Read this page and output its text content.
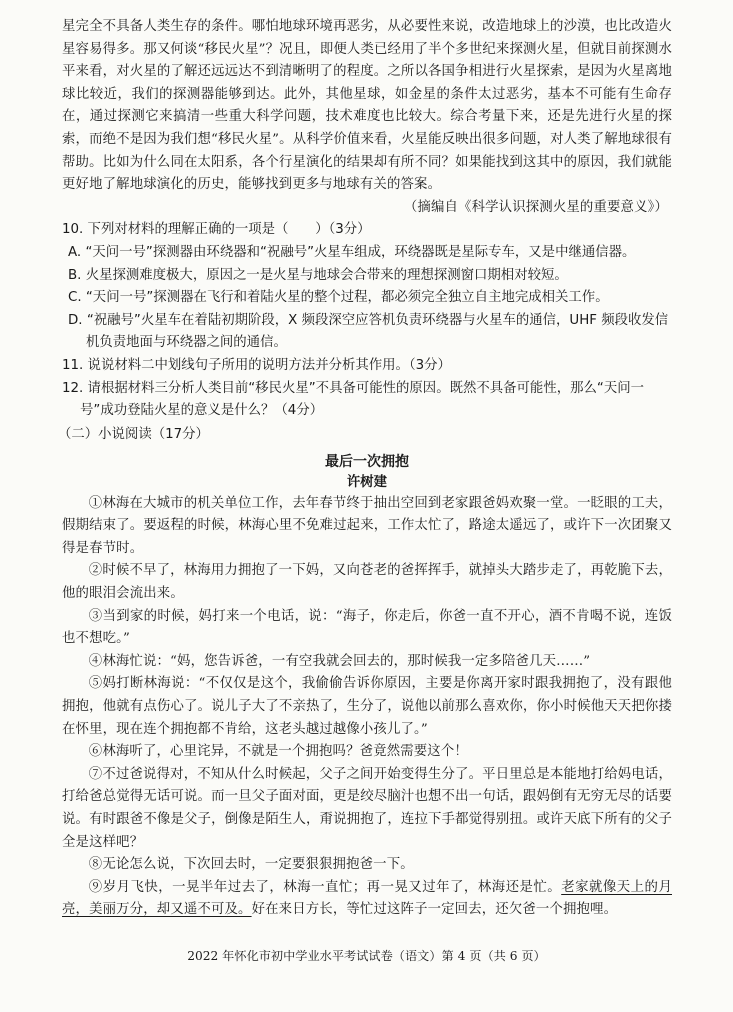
星完全不具备人类生存的条件。哪怕地球环境再恶劣，从必要性来说，改造地球上的沙漠，也比改造火星容易得多。那又何谈“移民火星”？况且，即便人类已经用了半个多世纪来探测火星，但就目前探测水平来看，对火星的了解还远远达不到清晰明了的程度。之所以各国争相进行火星探索，是因为火星离地球比较近，我们的探测器能够到达。此外，其他星球，如金星的条件太过恶劣，基本不可能有生命存在，通过探测它来搞清一些重大科学问题，技术难度也比较大。综合考量下来，还是先进行火星的探索，而绝不是因为我们想“移民火星”。从科学价值来看，火星能反映出很多问题，对人类了解地球很有帮助。比如为什么同在太阳系，各个行星演化的结果却有所不同？如果能找到这其中的原因，我们就能更好地了解地球演化的历史，能够找到更多与地球有关的答案。

（摘编自《科学认识探测火星的重要意义》）

10. 下列对材料的理解正确的一项是（　　）（3分）

A. “天问一号”探测器由环绕器和“祝融号”火星车组成，环绕器既是星际专车，又是中继通信器。

B. 火星探测难度极大，原因之一是火星与地球会合带来的理想探测窗口期相对较短。

C. “天问一号”探测器在飞行和着陆火星的整个过程，都必须完全独立自主地完成相关工作。

D. “祝融号”火星车在着陆初期阶段，X 频段深空应答机负责环绕器与火星车的通信，UHF 频段收发信机负责地面与环绕器之间的通信。

11. 说说材料二中划线句子所用的说明方法并分析其作用。（3分）

12. 请根据材料三分析人类目前“移民火星”不具备可能性的原因。既然不具备可能性，那么“天问一号”成功登陆火星的意义是什么？（4分）

（二）小说阅读（17分）

最后一次拥抱

许树建

①林海在大城市的机关单位工作，去年春节终于抽出空回到老家跟爸妈欢聚一堂。一眨眼的工夫，假期结束了。要返程的时候，林海心里不免难过起来，工作太忙了，路途太遥远了，或许下一次团聚又得是春节时。

②时候不早了，林海用力拥抱了一下妈，又向苍老的爸挥挥手，就掉头大踏步走了，再乾脆下去，他的眼泪会流出来。

③当到家的时候，妈打来一个电话，说：“海子，你走后，你爸一直不开心，酒不肯喝不说，连饭也不想吃。”

④林海忙说：“妈，您告诉爸，一有空我就会回去的，那时候我一定多陪爸几天……”

⑤妈打断林海说：“不仅仅是这个，我偷偷告诉你原因，主要是你离开家时跟我拥抱了，没有跟他拥抱，他就有点伤心了。说儿子大了不亲热了，生分了，说他以前那么喜欢你，你小时候他天天把你搂在怀里，现在连个拥抱都不肯给，这老头越过越像小孩儿了。”

⑥林海听了，心里诧异，不就是一个拥抱吗？爸竟然需要这个！

⑦不过爸说得对，不知从什么时候起，父子之间开始变得生分了。平日里总是本能地打给妈电话，打给爸总觉得无话可说。而一旦父子面对面，更是绞尽脑汁也想不出一句话，跟妈倒有无穷无尽的话要说。有时跟爸不像是父子，倒像是陌生人，甭说拥抱了，连拉下手都觉得别扭。或许天底下所有的父子全是这样吧？

⑧无论怎么说，下次回去时，一定要狠狠拥抱爸一下。

⑨岁月飞快，一晃半年过去了，林海一直忙；再一晃又过年了，林海还是忙。老家就像天上的月亮，美丽万分，却又遥不可及。好在来日方长，等忙过这阵子一定回去，还欠爸一个拥抱哩。

2022 年怀化市初中学业水平考试试卷（语文）第 4 页（共 6 页）
